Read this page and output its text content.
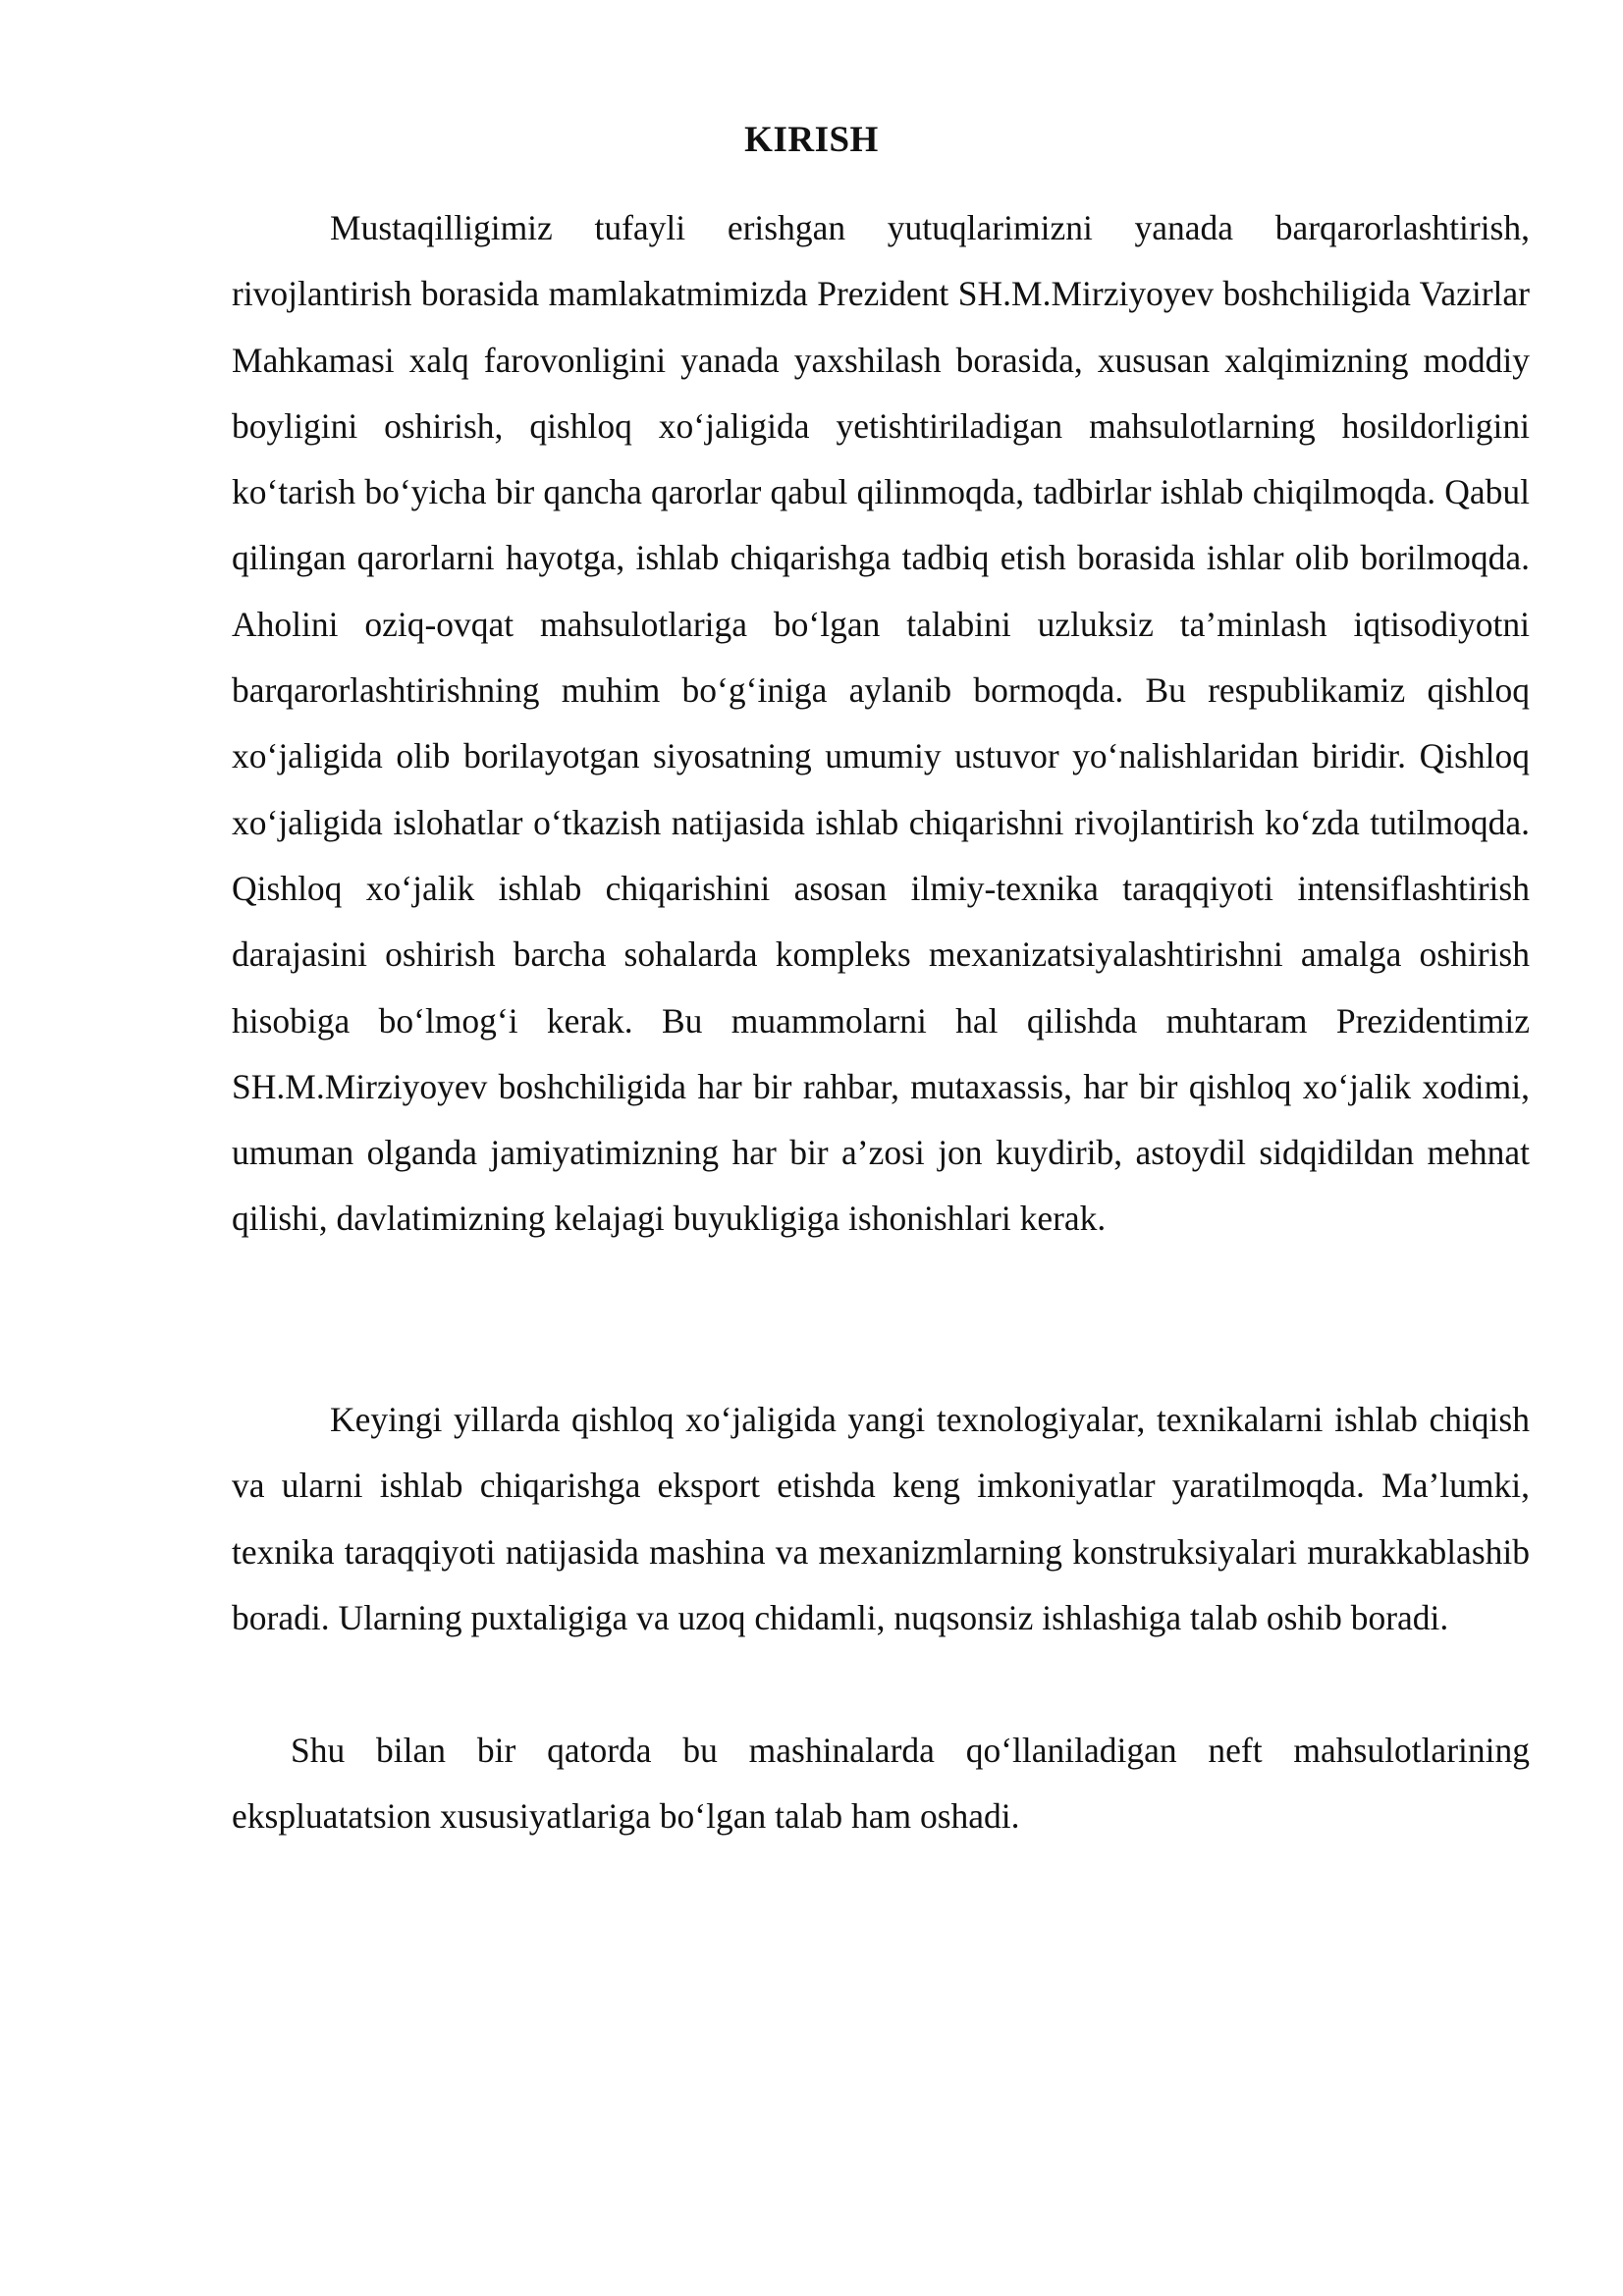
KIRISH

Mustaqilligimiz tufayli erishgan yutuqlarimizni yanada barqarorlashtirish, rivojlantirish borasida mamlakatmimizda Prezident SH.M.Mirziyoyev boshchiligida Vazirlar Mahkamasi xalq farovonligini yanada yaxshilash borasida, xususan xalqimizning moddiy boyligini oshirish, qishloq xo‘jaligida yetishtiriladigan mahsulotlarning hosildorligini ko‘tarish bo‘yicha bir qancha qarorlar qabul qilinmoqda, tadbirlar ishlab chiqilmoqda. Qabul qilingan qarorlarni hayotga, ishlab chiqarishga tadbiq etish borasida ishlar olib borilmoqda. Aholini oziq-ovqat mahsulotlariga bo‘lgan talabini uzluksiz ta’minlash iqtisodiyotni barqarorlashtirishning muhim bo‘g‘iniga aylanib bormoqda. Bu respublikamiz qishloq xo‘jaligida olib borilayotgan siyosatning umumiy ustuvor yo‘nalishlaridan biridir. Qishloq xo‘jaligida islohatlar o‘tkazish natijasida ishlab chiqarishni rivojlantirish ko‘zda tutilmoqda. Qishloq xo‘jalik ishlab chiqarishini asosan ilmiy-texnika taraqqiyoti intensiflashtirish darajasini oshirish barcha sohalarda kompleks mexanizatsiyalashtirishni amalga oshirish hisobiga bo‘lmog‘i kerak. Bu muammolarni hal qilishda muhtaram Prezidentimiz SH.M.Mirziyoyev boshchiligida har bir rahbar, mutaxassis, har bir qishloq xo‘jalik xodimi, umuman olganda jamiyatimizning har bir a’zosi jon kuydirib, astoydil sidqidildan mehnat qilishi, davlatimizning kelajagi buyukligiga ishonishlari kerak.

Keyingi yillarda qishloq xo‘jaligida yangi texnologiyalar, texnikalarni ishlab chiqish va ularni ishlab chiqarishga eksport etishda keng imkoniyatlar yaratilmoqda. Ma’lumki, texnika taraqqiyoti natijasida mashina va mexanizmlarning konstruksiyalari murakkablashib boradi. Ularning puxtaligiga va uzoq chidamli, nuqsonsiz ishlashiga talab oshib boradi.

Shu bilan bir qatorda bu mashinalarda qo‘llaniladigan neft mahsulotlarining ekspluatatsion xususiyatlariga bo‘lgan talab ham oshadi.
